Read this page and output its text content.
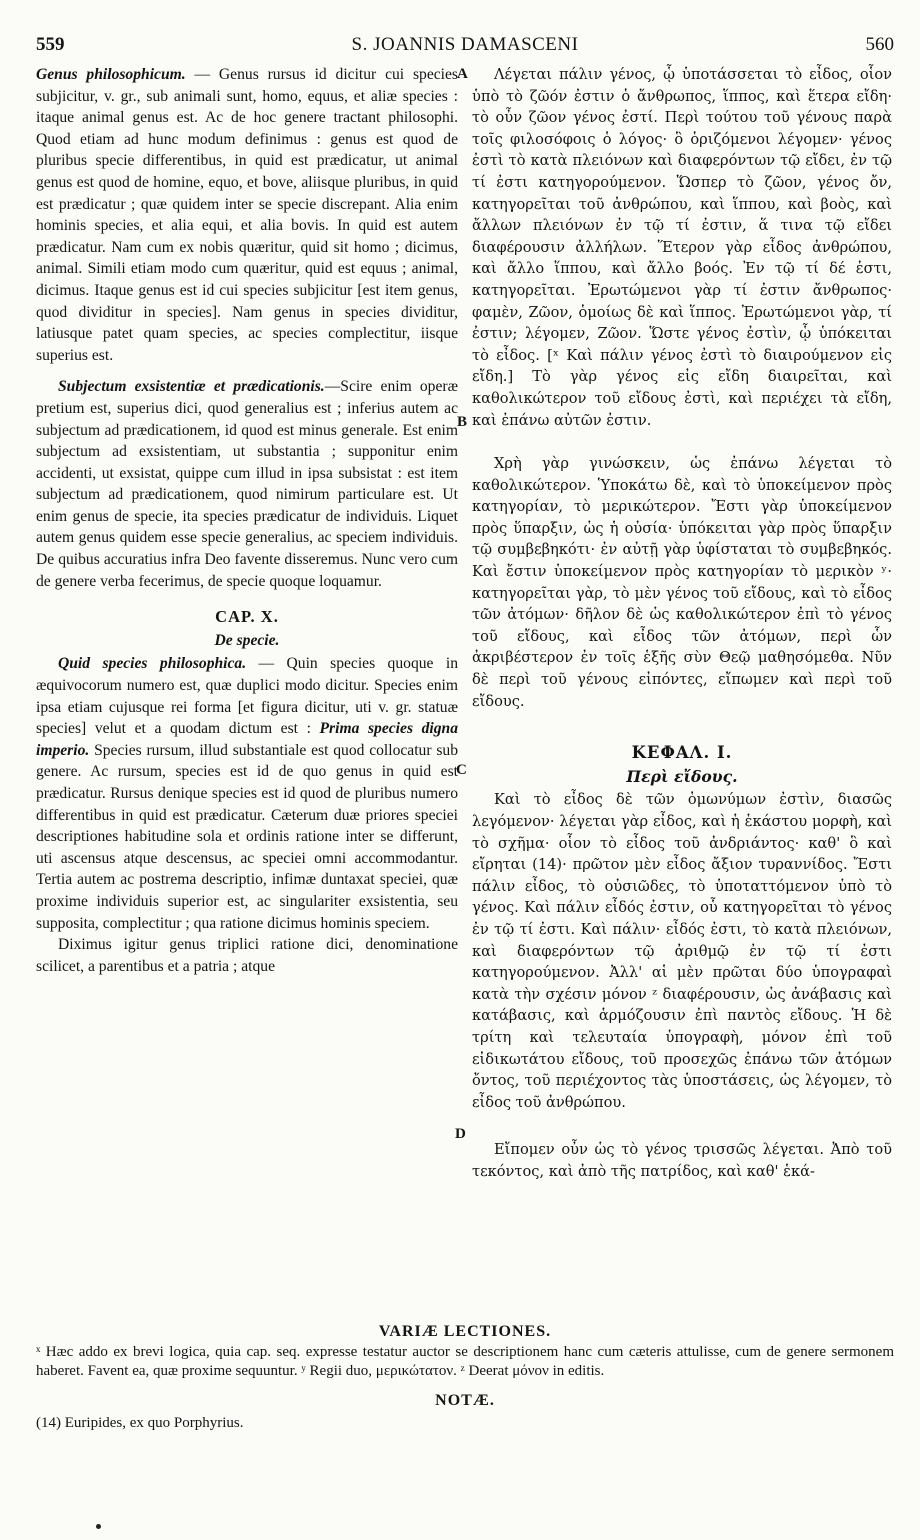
559	S. JOANNIS DAMASCENI	560

Genus philosophicum. — Genus rursus id dicitur cui species subjicitur, v. gr., sub animali sunt, homo, equus, et aliæ species : itaque animal genus est. Ac de hoc genere tractant philosophi. Quod etiam ad hunc modum definimus : genus est quod de pluribus specie differentibus, in quid est prædicatur, ut animal genus est quod de homine, equo, et bove, aliisque pluribus, in quid est prædicatur ; quæ quidem inter se specie discrepant. Alia enim hominis species, et alia equi, et alia bovis. In quid est autem prædicatur. Nam cum ex nobis quæritur, quid sit homo ; dicimus, animal. Simili etiam modo cum quæritur, quid est equus ; animal, dicimus. Itaque genus est id cui species subjicitur [est item genus, quod dividitur in species]. Nam genus in species dividitur, latiusque patet quam species, ac species complectitur, iisque superius est.

Subjectum exsistentiæ et prædicationis.—Scire enim operæ pretium est, superius dici, quod generalius est ; inferius autem ac subjectum ad prædicationem, id quod est minus generale. Est enim subjectum ad exsistentiam, ut substantia ; supponitur enim accidenti, ut exsistat, quippe cum illud in ipsa subsistat : est item subjectum ad prædicationem, quod nimirum particulare est. Ut enim genus de specie, ita species prædicatur de individuis. Liquet autem genus quidem esse specie generalius, ac speciem individuis. De quibus accuratius infra Deo favente disseremus. Nunc vero cum de genere verba fecerimus, de specie quoque loquamur.

CAP. X.
De specie.

Quid species philosophica. — Quin species quoque in æquivocorum numero est, quæ duplici modo dicitur. Species enim ipsa etiam cujusque rei forma [et figura dicitur, uti v. gr. statuæ species] velut et a quodam dictum est : Prima species digna imperio. Species rursum, illud substantiale est quod collocatur sub genere. Ac rursum, species est id de quo genus in quid est prædicatur. Rursus denique species est id quod de pluribus numero differentibus in quid est prædicatur. Cæterum duæ priores speciei descriptiones habitudine sola et ordinis ratione inter se differunt, uti ascensus atque descensus, ac speciei omni accommodantur. Tertia autem ac postrema descriptio, infimæ duntaxat speciei, quæ proxime individuis superior est, ac singulariter exsistentia, seu supposita, complectitur ; qua ratione dicimus hominis speciem.

Diximus igitur genus triplici ratione dici, denominatione scilicet, a parentibus et a patria ; atque

Λέγεται πάλιν γένος, ᾧ ὑποτάσσεται τὸ εἶδος, οἷον ὑπὸ τὸ ζῶόν ἐστιν ὁ ἄνθρωπος, ἵππος, καὶ ἕτερα εἴδη· τὸ οὖν ζῶον γένος ἐστί. Περὶ τούτου τοῦ γένους παρὰ τοῖς φιλοσόφοις ὁ λόγος· ὃ ὁριζόμενοι λέγομεν· γένος ἐστὶ τὸ κατὰ πλειόνων καὶ διαφερόντων τῷ εἴδει, ἐν τῷ τί ἐστι κατηγορούμενον. Ὥσπερ τὸ ζῶον, γένος ὄν, κατηγορεῖται τοῦ ἀνθρώπου, καὶ ἵππου, καὶ βοὸς, καὶ ἄλλων πλειόνων ἐν τῷ τί ἐστιν, ἅ τινα τῷ εἴδει διαφέρουσιν ἀλλήλων. Ἕτερον γὰρ εἶδος ἀνθρώπου, καὶ ἄλλο ἵππου, καὶ ἄλλο βοός. Ἐν τῷ τί δέ ἐστι, κατηγορεῖται. Ἐρωτώμενοι γὰρ τί ἐστιν ἄνθρωπος· φαμὲν, Ζῶον, ὁμοίως δὲ καὶ ἵππος. Ἐρωτώμενοι γὰρ, τί ἐστιν; λέγομεν, Ζῶον. Ὥστε γένος ἐστὶν, ᾧ ὑπόκειται τὸ εἶδος. [ˣ Καὶ πάλιν γένος ἐστὶ τὸ διαιρούμενον εἰς εἴδη.] Τὸ γὰρ γένος εἰς εἴδη διαιρεῖται, καὶ καθολικώτερον τοῦ εἴδους ἐστὶ, καὶ περιέχει τὰ εἴδη, καὶ ἐπάνω αὐτῶν ἐστιν.

Χρὴ γὰρ γινώσκειν, ὡς ἐπάνω λέγεται τὸ καθολικώτερον. Ὑποκάτω δὲ, καὶ τὸ ὑποκείμενον πρὸς κατηγορίαν, τὸ μερικώτερον. Ἔστι γὰρ ὑποκείμενον πρὸς ὕπαρξιν, ὡς ἡ οὐσία· ὑπόκειται γὰρ πρὸς ὕπαρξιν τῷ συμβεβηκότι· ἐν αὐτῇ γὰρ ὑφίσταται τὸ συμβεβηκός. Καὶ ἔστιν ὑποκείμενον πρὸς κατηγορίαν τὸ μερικὸν ʸ· κατηγορεῖται γὰρ, τὸ μὲν γένος τοῦ εἴδους, καὶ τὸ εἶδος τῶν ἀτόμων· δῆλον δὲ ὡς καθολικώτερον ἐπὶ τὸ γένος τοῦ εἴδους, καὶ εἶδος τῶν ἀτόμων, περὶ ὧν ἀκριβέστερον ἐν τοῖς ἑξῆς σὺν Θεῷ μαθησόμεθα. Νῦν δὲ περὶ τοῦ γένους εἰπόντες, εἴπωμεν καὶ περὶ τοῦ εἴδους.

ΚΕΦΑΛ. Ι.
Περὶ εἴδους.

Καὶ τὸ εἶδος δὲ τῶν ὁμωνύμων ἐστὶν, διασῶς λεγόμενον· λέγεται γὰρ εἶδος, καὶ ἡ ἑκάστου μορφὴ, καὶ τὸ σχῆμα· οἷον τὸ εἶδος τοῦ ἀνδριάντος· καθ' ὃ καὶ εἴρηται (14)· πρῶτον μὲν εἶδος ἄξιον τυραννίδος. Ἔστι πάλιν εἶδος, τὸ οὐσιῶδες, τὸ ὑποταττόμενον ὑπὸ τὸ γένος. Καὶ πάλιν εἶδός ἐστιν, οὗ κατηγορεῖται τὸ γένος ἐν τῷ τί ἐστι. Καὶ πάλιν· εἶδός ἐστι, τὸ κατὰ πλειόνων, καὶ διαφερόντων τῷ ἀριθμῷ ἐν τῷ τί ἐστι κατηγορούμενον. Ἀλλ' αἱ μὲν πρῶται δύο ὑπογραφαὶ κατὰ τὴν σχέσιν μόνον ᶻ διαφέρουσιν, ὡς ἀνάβασις καὶ κατάβασις, καὶ ἁρμόζουσιν ἐπὶ παντὸς εἴδους. Ἡ δὲ τρίτη καὶ τελευταία ὑπογραφὴ, μόνον ἐπὶ τοῦ εἰδικωτάτου εἴδους, τοῦ προσεχῶς ἐπάνω τῶν ἀτόμων ὄντος, τοῦ περιέχοντος τὰς ὑποστάσεις, ὡς λέγομεν, τὸ εἶδος τοῦ ἀνθρώπου.

Εἴπομεν οὖν ὡς τὸ γένος τρισσῶς λέγεται. Ἀπὸ τοῦ τεκόντος, καὶ ἀπὸ τῆς πατρίδος, καὶ καθ' ἑκά-

A
B
C
D
VARIÆ LECTIONES.

ˣ Hæc addo ex brevi logica, quia cap. seq. expresse testatur auctor se descriptionem hanc cum cæteris attulisse, cum de genere sermonem haberet. Favent ea, quæ proxime sequuntur. ʸ Regii duo, μερικώτατον. ᶻ Deerat μόνον in editis.

NOTÆ.

(14) Euripides, ex quo Porphyrius.
